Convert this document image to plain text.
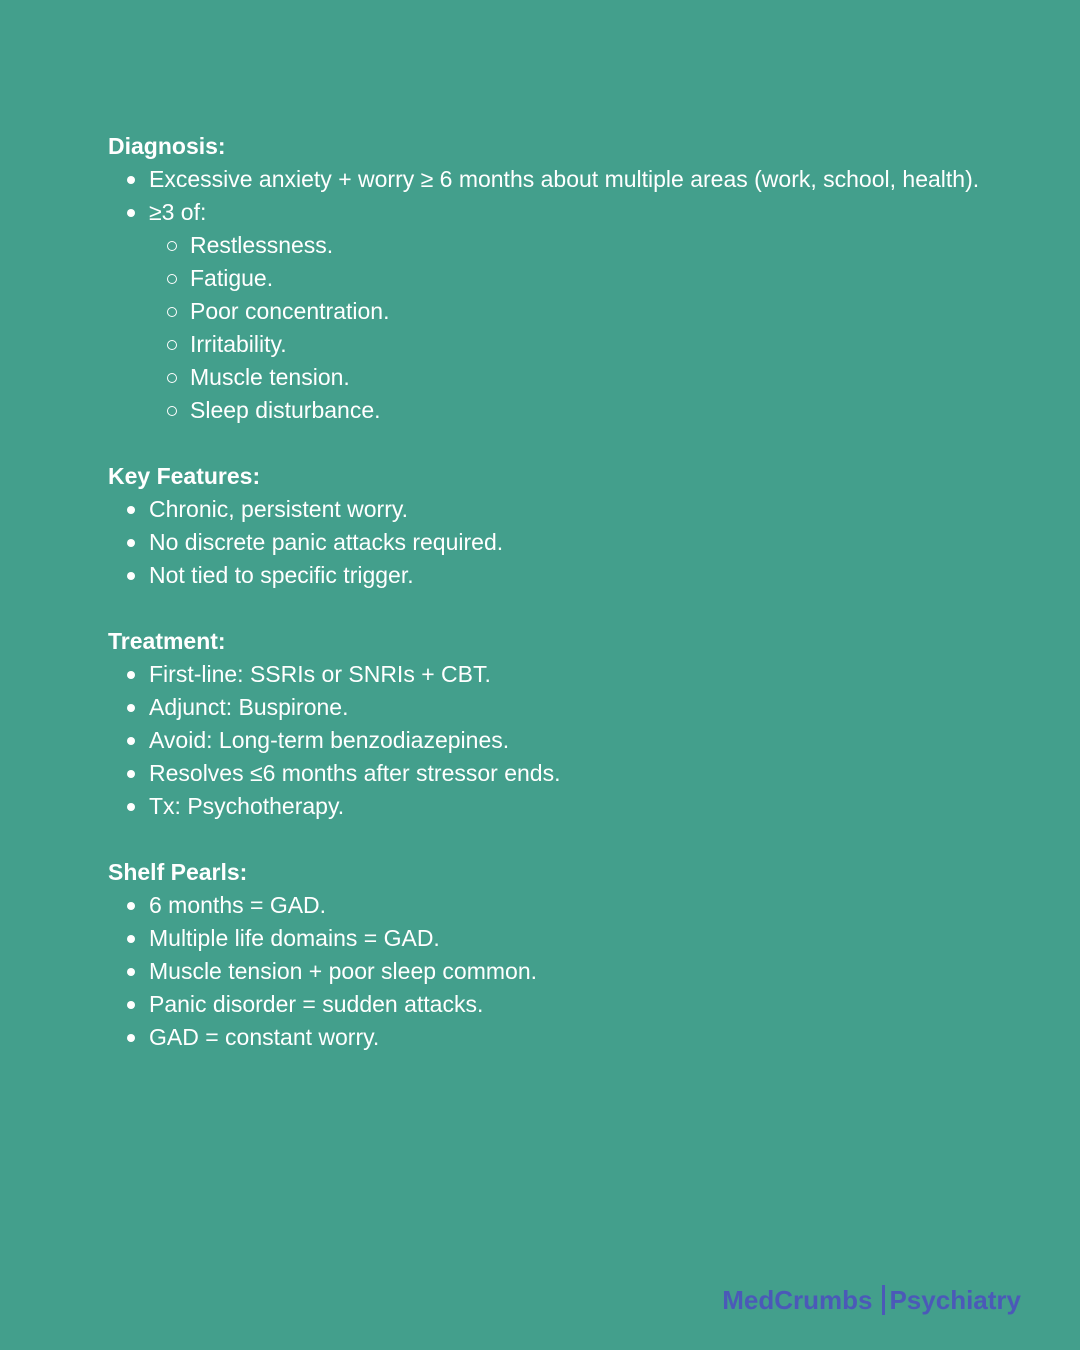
Diagnosis:
Excessive anxiety + worry ≥ 6 months about multiple areas (work, school, health).
≥3 of:
Restlessness.
Fatigue.
Poor concentration.
Irritability.
Muscle tension.
Sleep disturbance.
Key Features:
Chronic, persistent worry.
No discrete panic attacks required.
Not tied to specific trigger.
Treatment:
First-line: SSRIs or SNRIs + CBT.
Adjunct: Buspirone.
Avoid: Long-term benzodiazepines.
Resolves ≤6 months after stressor ends.
Tx: Psychotherapy.
Shelf Pearls:
6 months = GAD.
Multiple life domains = GAD.
Muscle tension + poor sleep common.
Panic disorder = sudden attacks.
GAD = constant worry.
MedCrumbs Psychiatry
